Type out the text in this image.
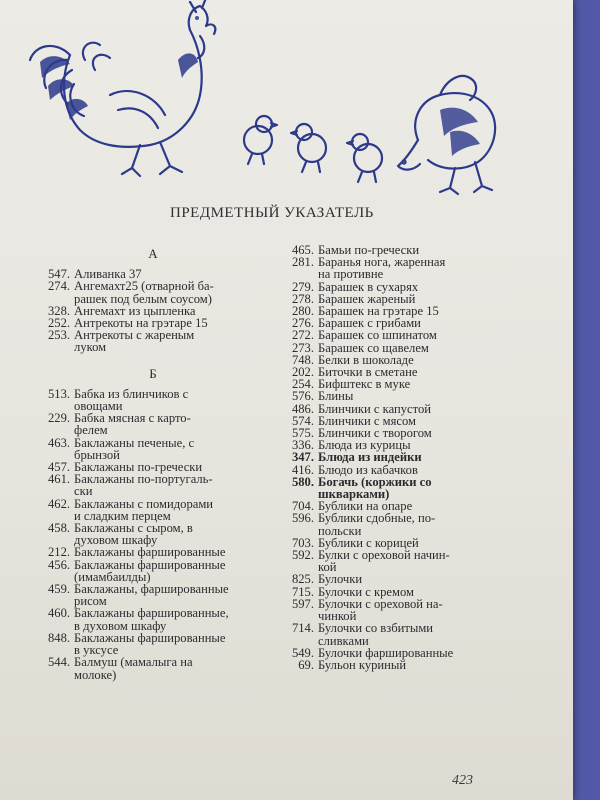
ПРЕДМЕТНЫЙ УКАЗАТЕЛЬ
А
547. Аливанка 37
274. Ангемахт25 (отварной ба-
рашек под белым соусом)
328. Ангемахт из цыпленка
252. Антрекоты на грэтаре 15
253. Антрекоты с жареным
луком
Б
513. Бабка из блинчиков с
овощами
229. Бабка мясная с карто-
фелем
463. Баклажаны печеные, с
брынзой
457. Баклажаны по-гречески
461. Баклажаны по-португаль-
ски
462. Баклажаны с помидорами
и сладким перцем
458. Баклажаны с сыром, в
духовом шкафу
212. Баклажаны фаршированные
456. Баклажаны фаршированные
(имамбаилды)
459. Баклажаны, фаршированные
рисом
460. Баклажаны фаршированные,
в духовом шкафу
848. Баклажаны фаршированные
в уксусе
544. Балмуш (мамалыга на
молоке)
465. Бамьи по-гречески
281. Баранья нога, жаренная
на противне
279. Барашек в сухарях
278. Барашек жареный
280. Барашек на грэтаре 15
276. Барашек с грибами
272. Барашек со шпинатом
273. Барашек со щавелем
748. Белки в шоколаде
202. Биточки в сметане
254. Бифштекс в муке
576. Блины
486. Блинчики с капустой
574. Блинчики с мясом
575. Блинчики с творогом
336. Блюда из курицы
347. Блюда из индейки
416. Блюдо из кабачков
580. Богачь (коржики со
шкварками)
704. Бублики на опаре
596. Бублики сдобные, по-
польски
703. Бублики с корицей
592. Булки с ореховой начин-
кой
825. Булочки
715. Булочки с кремом
597. Булочки с ореховой на-
чинкой
714. Булочки со взбитыми
сливками
549. Булочки фаршированные
69. Бульон куриный
423
